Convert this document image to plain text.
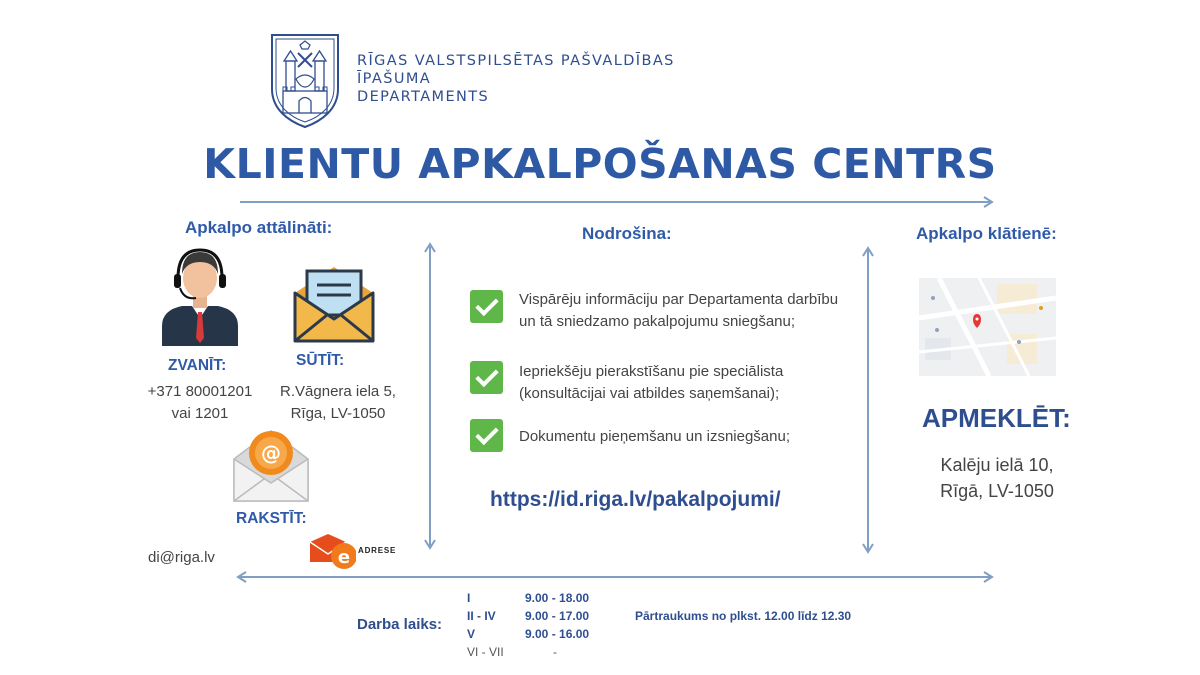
RĪGAS VALSTSPILSĒTAS PAŠVALDĪBAS
ĪPAŠUMA
DEPARTAMENTS
KLIENTU APKALPOŠANAS CENTRS
Apkalpo attālināti:
ZVANĪT:	SŪTĪT:
+371 80001201
vai 1201
R.Vāgnera iela 5,
Rīga, LV-1050
@
RAKSTĪT:
di@riga.lv	e ADRESE
Nodrošina:
Vispārēju informāciju par Departamenta darbību un tā sniedzamo pakalpojumu sniegšanu;
Iepriekšēju pierakstīšanu pie speciālista (konsultācijai vai atbildes saņemšanai);
Dokumentu pieņemšanu un izsniegšanu;
https://id.riga.lv/pakalpojumi/
Apkalpo klātienē:
APMEKLĒT:
Kalēju ielā 10,
Rīgā, LV-1050
Darba laiks:
I
II - IV
V
VI - VII
9.00 - 18.00
9.00 - 17.00
9.00 - 16.00
-
Pārtraukums no plkst. 12.00 līdz 12.30
